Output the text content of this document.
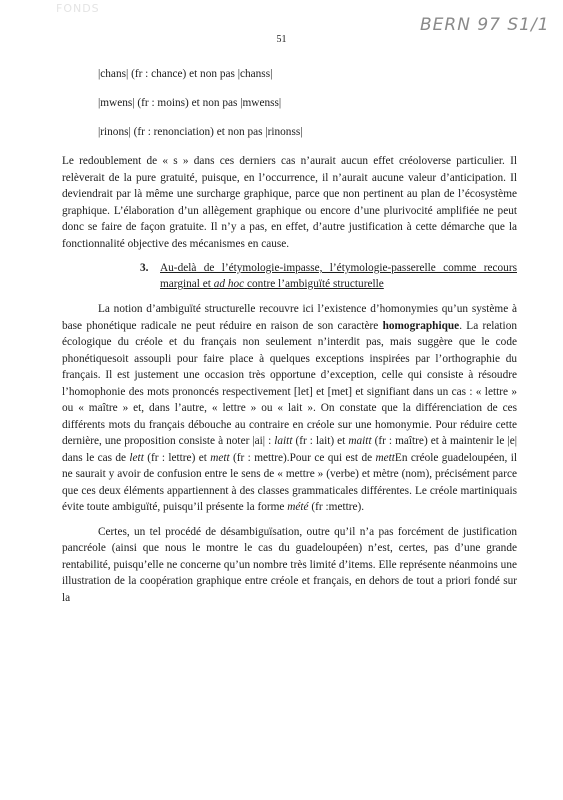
FONDS
BERN 97 S1/1
51
|chans| (fr : chance) et non pas |chanss|
|mwens| (fr : moins) et non pas |mwenss|
|rinons| (fr : renonciation) et non pas |rinonss|

Le redoublement de « s » dans ces derniers cas n’aurait aucun effet créoloverse particulier. Il relèverait de la pure gratuité, puisque, en l’occurrence, il n’aurait aucune valeur d’anticipation. Il deviendrait par là même une surcharge graphique, parce que non pertinent au plan de l’écosystème graphique. L’élaboration d’un allègement graphique ou encore d’une plurivocité amplifiée ne peut donc se faire de façon gratuite. Il n’y a pas, en effet, d’autre justification à cette démarche que la fonctionnalité objective des mécanismes en cause.

3.	Au-delà de l’étymologie-impasse, l’étymologie-passerelle comme recours marginal et ad hoc contre l’ambiguïté structurelle

La notion d’ambiguïté structurelle recouvre ici l’existence d’homonymies qu’un système à base phonétique radicale ne peut réduire en raison de son caractère homographique. La relation écologique du créole et du français non seulement n’interdit pas, mais suggère que le code phonétiquesoit assoupli pour faire place à quelques exceptions inspirées par l’orthographie du français. Il est justement une occasion très opportune d’exception, celle qui consiste à résoudre l’homophonie des mots prononcés respectivement [let] et [met] et signifiant dans un cas : « lettre » ou « maître » et, dans l’autre, « lettre » ou « lait ». On constate que la différenciation de ces différents mots du français débouche au contraire en créole sur une homonymie. Pour réduire cette dernière, une proposition consiste à noter |ai| : laitt (fr : lait) et maitt (fr : maître) et à maintenir le |e| dans le cas de lett (fr : lettre) et mett (fr : mettre).Pour ce qui est de mettEn créole guadeloupéen, il ne saurait y avoir de confusion entre le sens de « mettre » (verbe) et mètre (nom), précisément parce que ces deux éléments appartiennent à des classes grammaticales différentes. Le créole martiniquais évite toute ambiguïté, puisqu’il présente la forme mété (fr :mettre).

Certes, un tel procédé de désambiguïsation, outre qu’il n’a pas forcément de justification pancréole (ainsi que nous le montre le cas du guadeloupéen) n’est, certes, pas d’une grande rentabilité, puisqu’elle ne concerne qu’un nombre très limité d’items. Elle représente néanmoins une illustration de la coopération graphique entre créole et français, en dehors de tout a priori fondé sur la
